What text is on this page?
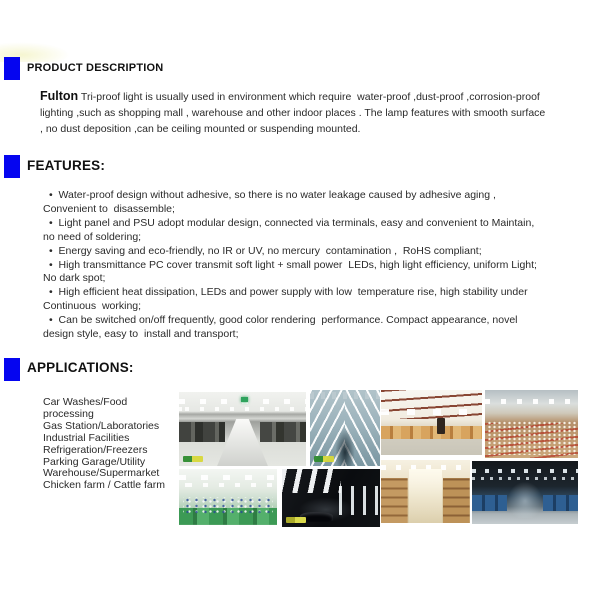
PRODUCT DESCRIPTION
Fulton Tri-proof light is usually used in environment which require  water-proof ,dust-proof ,corrosion-proof lighting ,such as shopping mall , warehouse and other indoor places . The lamp features with smooth surface , no dust deposition ,can be ceiling mounted or suspending mounted.
FEATURES:
•  Water-proof design without adhesive, so there is no water leakage caused by adhesive aging , Convenient to  disassemble;
•  Light panel and PSU adopt modular design, connected via terminals, easy and convenient to Maintain, no need of soldering;
•  Energy saving and eco-friendly, no IR or UV, no mercury  contamination ,  RoHS compliant;
•  High transmittance PC cover transmit soft light + small power  LEDs, high light efficiency, uniform Light; No dark spot;
•  High efficient heat dissipation, LEDs and power supply with low  temperature rise, high stability under Continuous  working;
•  Can be switched on/off frequently, good color rendering  performance. Compact appearance, novel design style, easy to  install and transport;
APPLICATIONS:
Car Washes/Food processing
Gas Station/Laboratories
Industrial Facilities
Refrigeration/Freezers
Parking Garage/Utility
Warehouse/Supermarket
Chicken farm / Cattle farm
